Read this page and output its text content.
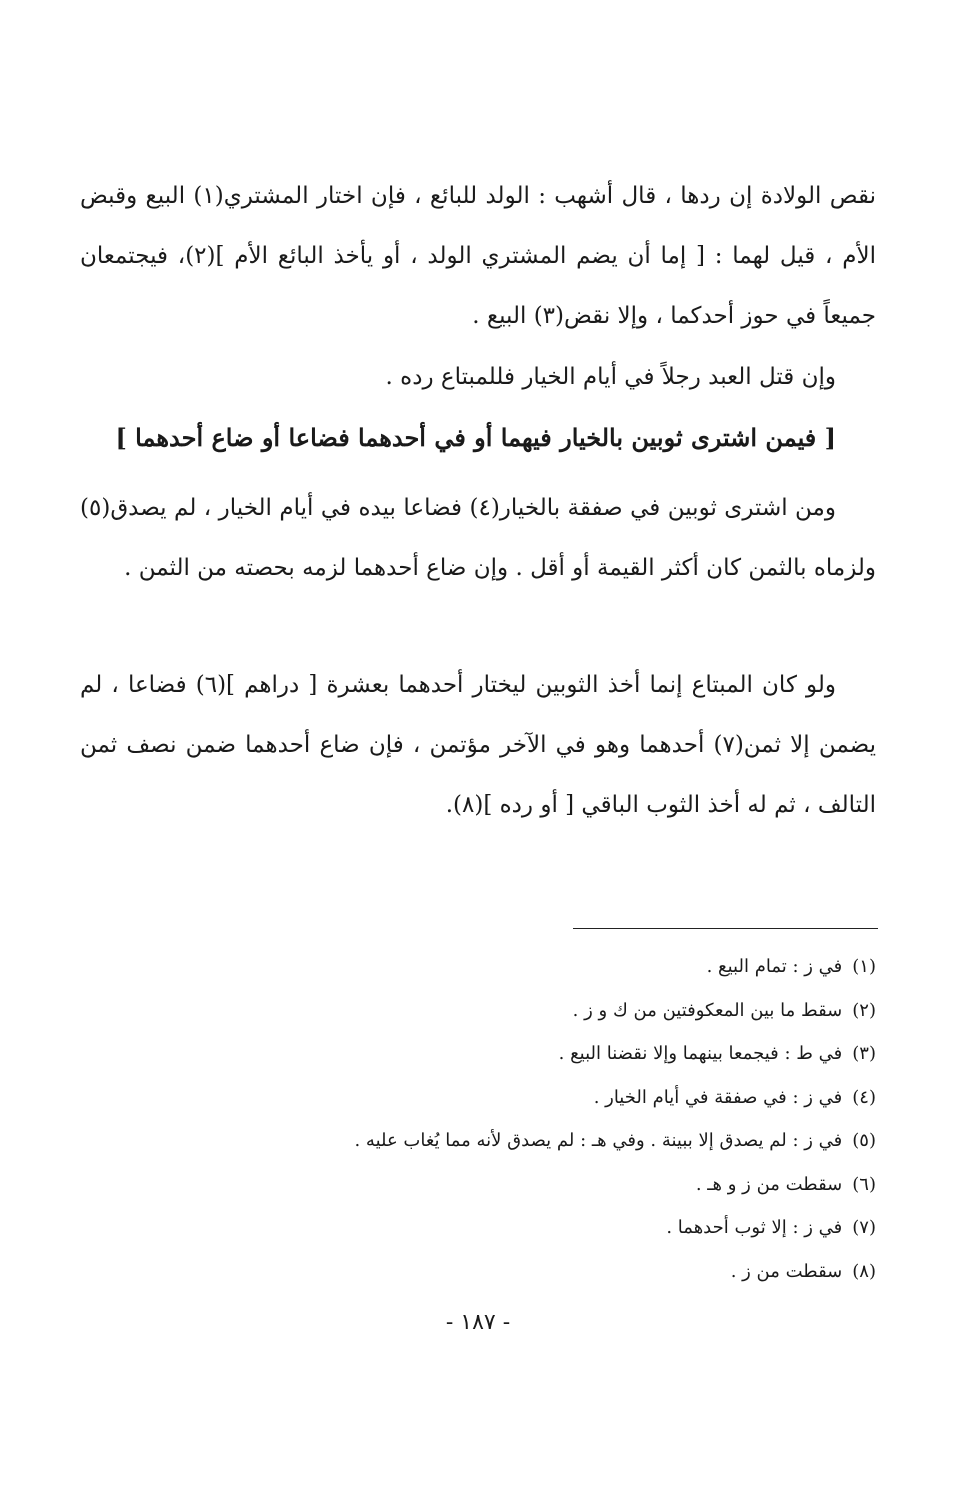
نقص الولادة إن ردها ، قال أشهب : الولد للبائع ، فإن اختار المشتري(١) البيع وقبض الأم ، قيل لهما : [ إما أن يضم المشتري الولد ، أو يأخذ البائع الأم ](٢)، فيجتمعان جميعاً في حوز أحدكما ، وإلا نقض(٣) البيع .

وإن قتل العبد رجلاً في أيام الخيار فللمبتاع رده .

[ فيمن اشترى ثوبين بالخيار فيهما أو في أحدهما فضاعا أو ضاع أحدهما ]

ومن اشترى ثوبين في صفقة بالخيار(٤) فضاعا بيده في أيام الخيار ، لم يصدق(٥) ولزماه بالثمن كان أكثر القيمة أو أقل . وإن ضاع أحدهما لزمه بحصته من الثمن .

ولو كان المبتاع إنما أخذ الثوبين ليختار أحدهما بعشرة [ دراهم ](٦) فضاعا ، لم يضمن إلا ثمن(٧) أحدهما وهو في الآخر مؤتمن ، فإن ضاع أحدهما ضمن نصف ثمن التالف ، ثم له أخذ الثوب الباقي [ أو رده ](٨).

(١)في ز : تمام البيع .
(٢)سقط ما بين المعكوفتين من ك و ز .
(٣)في ط : فيجمعا بينهما وإلا نقضنا البيع .
(٤)في ز : في صفقة في أيام الخيار .
(٥)في ز : لم يصدق إلا ببينة . وفي هـ : لم يصدق لأنه مما يُغاب عليه .
(٦)سقطت من ز و هـ .
(٧)في ز : إلا ثوب أحدهما .
(٨)سقطت من ز .
- ١٨٧ -
